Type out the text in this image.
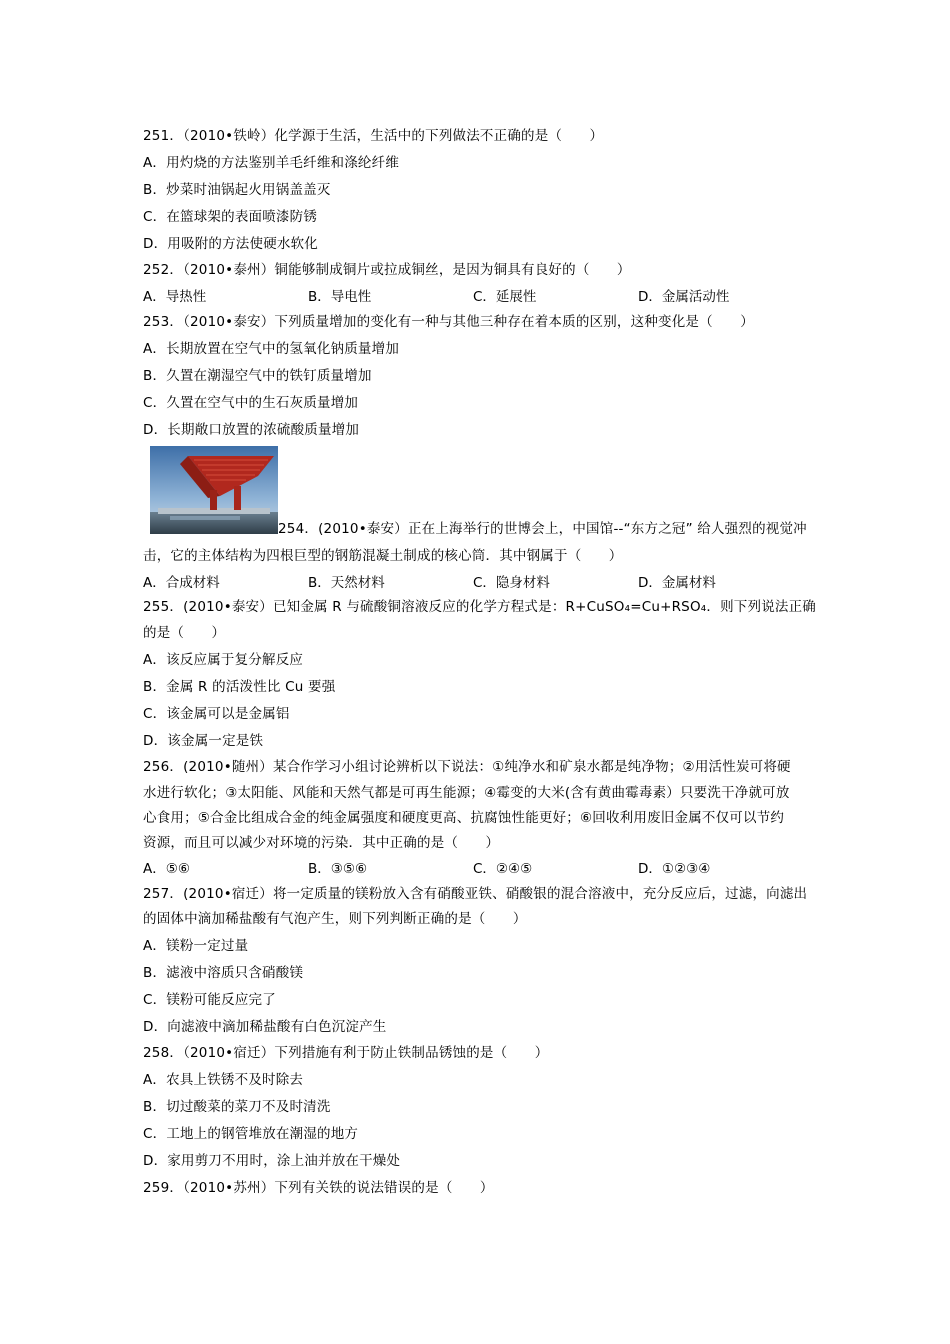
251．（2010•铁岭）化学源于生活，生活中的下列做法不正确的是（　　）
A．用灼烧的方法鉴别羊毛纤维和涤纶纤维
B．炒菜时油锅起火用锅盖盖灭
C．在篮球架的表面喷漆防锈
D．用吸附的方法使硬水软化
252．（2010•泰州）铜能够制成铜片或拉成铜丝，是因为铜具有良好的（　　）
A．导热性	B．导电性	C．延展性	D．金属活动性
253．（2010•泰安）下列质量增加的变化有一种与其他三种存在着本质的区别，这种变化是（　　）
A．长期放置在空气中的氢氧化钠质量增加
B．久置在潮湿空气中的铁钉质量增加
C．久置在空气中的生石灰质量增加
D．长期敞口放置的浓硫酸质量增加
254．(2010•泰安）正在上海举行的世博会上，中国馆--“东方之冠” 给人强烈的视觉冲
击，它的主体结构为四根巨型的钢筋混凝土制成的核心筒．其中钢属于（　　）
A．合成材料	B．天然材料	C．隐身材料	D．金属材料
255．(2010•泰安）已知金属 R 与硫酸铜溶液反应的化学方程式是：R+CuSO₄=Cu+RSO₄．则下列说法正确
的是（　　）
A．该反应属于复分解反应
B．金属 R 的活泼性比 Cu 要强
C．该金属可以是金属铝
D．该金属一定是铁
256．(2010•随州）某合作学习小组讨论辨析以下说法：①纯净水和矿泉水都是纯净物；②用活性炭可将硬
水进行软化；③太阳能、风能和天然气都是可再生能源；④霉变的大米(含有黄曲霉毒素）只要洗干净就可放
心食用；⑤合金比组成合金的纯金属强度和硬度更高、抗腐蚀性能更好；⑥回收利用废旧金属不仅可以节约
资源，而且可以减少对环境的污染．其中正确的是（　　）
A．⑤⑥	B．③⑤⑥	C．②④⑤	D．①②③④
257．(2010•宿迁）将一定质量的镁粉放入含有硝酸亚铁、硝酸银的混合溶液中，充分反应后，过滤，向滤出
的固体中滴加稀盐酸有气泡产生，则下列判断正确的是（　　）
A．镁粉一定过量
B．滤液中溶质只含硝酸镁
C．镁粉可能反应完了
D．向滤液中滴加稀盐酸有白色沉淀产生
258．（2010•宿迁）下列措施有利于防止铁制品锈蚀的是（　　）
A．农具上铁锈不及时除去
B．切过酸菜的菜刀不及时清洗
C．工地上的钢管堆放在潮湿的地方
D．家用剪刀不用时，涂上油并放在干燥处
259．（2010•苏州）下列有关铁的说法错误的是（　　）
